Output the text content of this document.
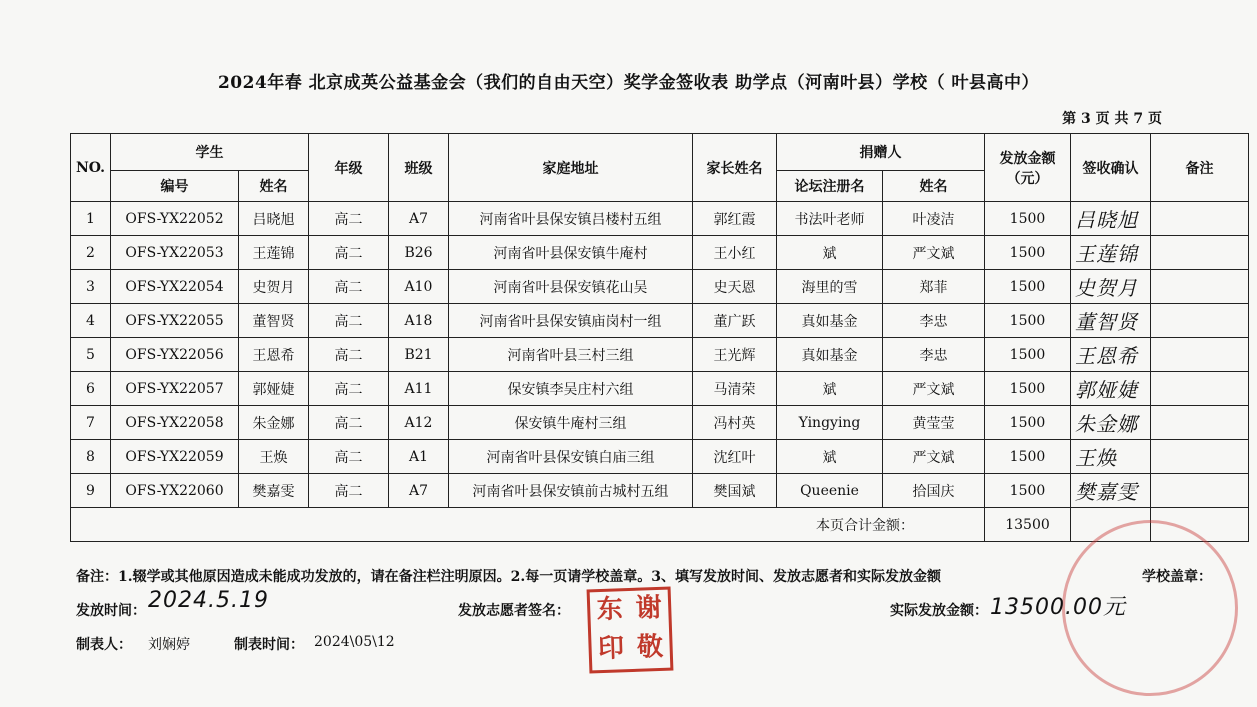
2024年春 北京成英公益基金会（我们的自由天空）奖学金签收表 助学点（河南叶县）学校（ 叶县高中）
第 3 页 共 7 页
NO.	学生		年级	班级	家庭地址	家长姓名	捐赠人		发放金额（元）	签收确认	备注
	编号	姓名					论坛注册名	姓名			
1	OFS-YX22052	吕晓旭	高二	A7	河南省叶县保安镇吕楼村五组	郭红霞	书法叶老师	叶凌洁	1500	吕晓旭	
2	OFS-YX22053	王莲锦	高二	B26	河南省叶县保安镇牛庵村	王小红	斌	严文斌	1500	王莲锦	
3	OFS-YX22054	史贺月	高二	A10	河南省叶县保安镇花山吴	史天恩	海里的雪	郑菲	1500	史贺月	
4	OFS-YX22055	董智贤	高二	A18	河南省叶县保安镇庙岗村一组	董广跃	真如基金	李忠	1500	董智贤	
5	OFS-YX22056	王恩希	高二	B21	河南省叶县三村三组	王光辉	真如基金	李忠	1500	王恩希	
6	OFS-YX22057	郭娅婕	高二	A11	保安镇李吴庄村六组	马清荣	斌	严文斌	1500	郭娅婕	
7	OFS-YX22058	朱金娜	高二	A12	保安镇牛庵村三组	冯村英	Yingying	黄莹莹	1500	朱金娜	
8	OFS-YX22059	王焕	高二	A1	河南省叶县保安镇白庙三组	沈红叶	斌	严文斌	1500	王焕	
9	OFS-YX22060	樊嘉雯	高二	A7	河南省叶县保安镇前古城村五组	樊国斌	Queenie	拾国庆	1500	樊嘉雯	
本页合计金额：									13500		
备注：1.辍学或其他原因造成未能成功发放的，请在备注栏注明原因。2.每一页请学校盖章。3、填写发放时间、发放志愿者和实际发放金额	学校盖章：
发放时间： 2024.5.19	发放志愿者签名： 东 谢
印 敬
实际发放金额： 13500.00元
制表人： 刘娴婷	制表时间： 2024\05\12
